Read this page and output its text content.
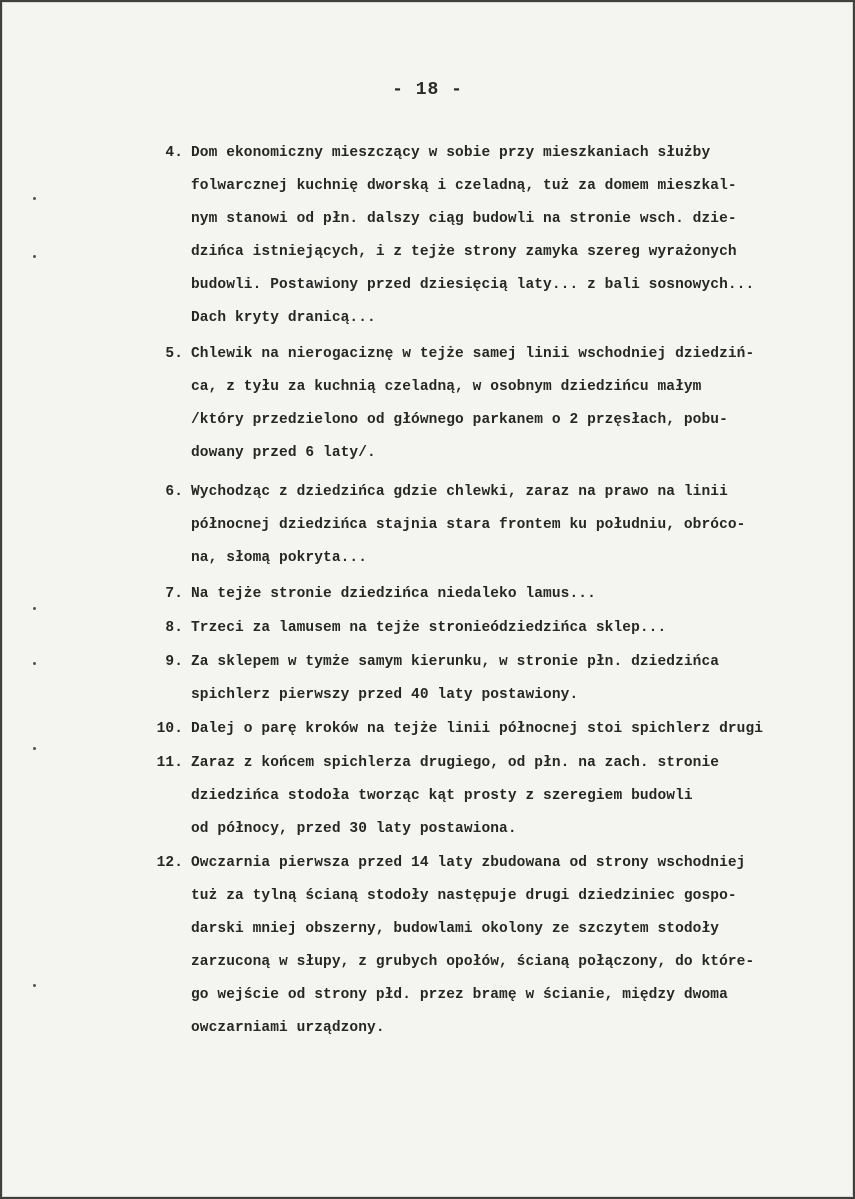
- 18 -
4. Dom ekonomiczny mieszczący w sobie przy mieszkaniach służby
folwarcznej kuchnię dworską i czeladną, tuż za domem mieszkal-
nym stanowi od płn. dalszy ciąg budowli na stronie wsch. dzie-
dzińca istniejących, i z tejże strony zamyka szereg wyrażonych
budowli. Postawiony przed dziesięcią laty... z bali sosnowych...
Dach kryty dranicą...
5. Chlewik na nierogaciznę w tejże samej linii wschodniej dziedziń-
ca, z tyłu za kuchnią czeladną, w osobnym dziedzińcu małym
/który przedzielono od głównego parkanem o 2 przęsłach, pobu-
dowany przed 6 laty/.
6. Wychodząc z dziedzińca gdzie chlewki, zaraz na prawo na linii
północnej dziedzińca stajnia stara frontem ku południu, obróco-
na, słomą pokryta...
7. Na tejże stronie dziedzińca niedaleko lamus...
8. Trzeci za lamusem na tejże stronieódziedzińca sklep...
9. Za sklepem w tymże samym kierunku, w stronie płn. dziedzińca
spichlerz pierwszy przed 40 laty postawiony.
10. Dalej o parę kroków na tejże linii północnej stoi spichlerz drugi
11. Zaraz z końcem spichlerza drugiego, od płn. na zach. stronie
dziedzińca stodoła tworząc kąt prosty z szeregiem budowli
od północy, przed 30 laty postawiona.
12. Owczarnia pierwsza przed 14 laty zbudowana od strony wschodniej
tuż za tylną ścianą stodoły następuje drugi dziedziniec gospo-
darski mniej obszerny, budowlami okolony ze szczytem stodoły
zarzuconą w słupy, z grubych opołów, ścianą połączony, do które-
go wejście od strony płd. przez bramę w ścianie, między dwoma
owczarniami urządzony.
